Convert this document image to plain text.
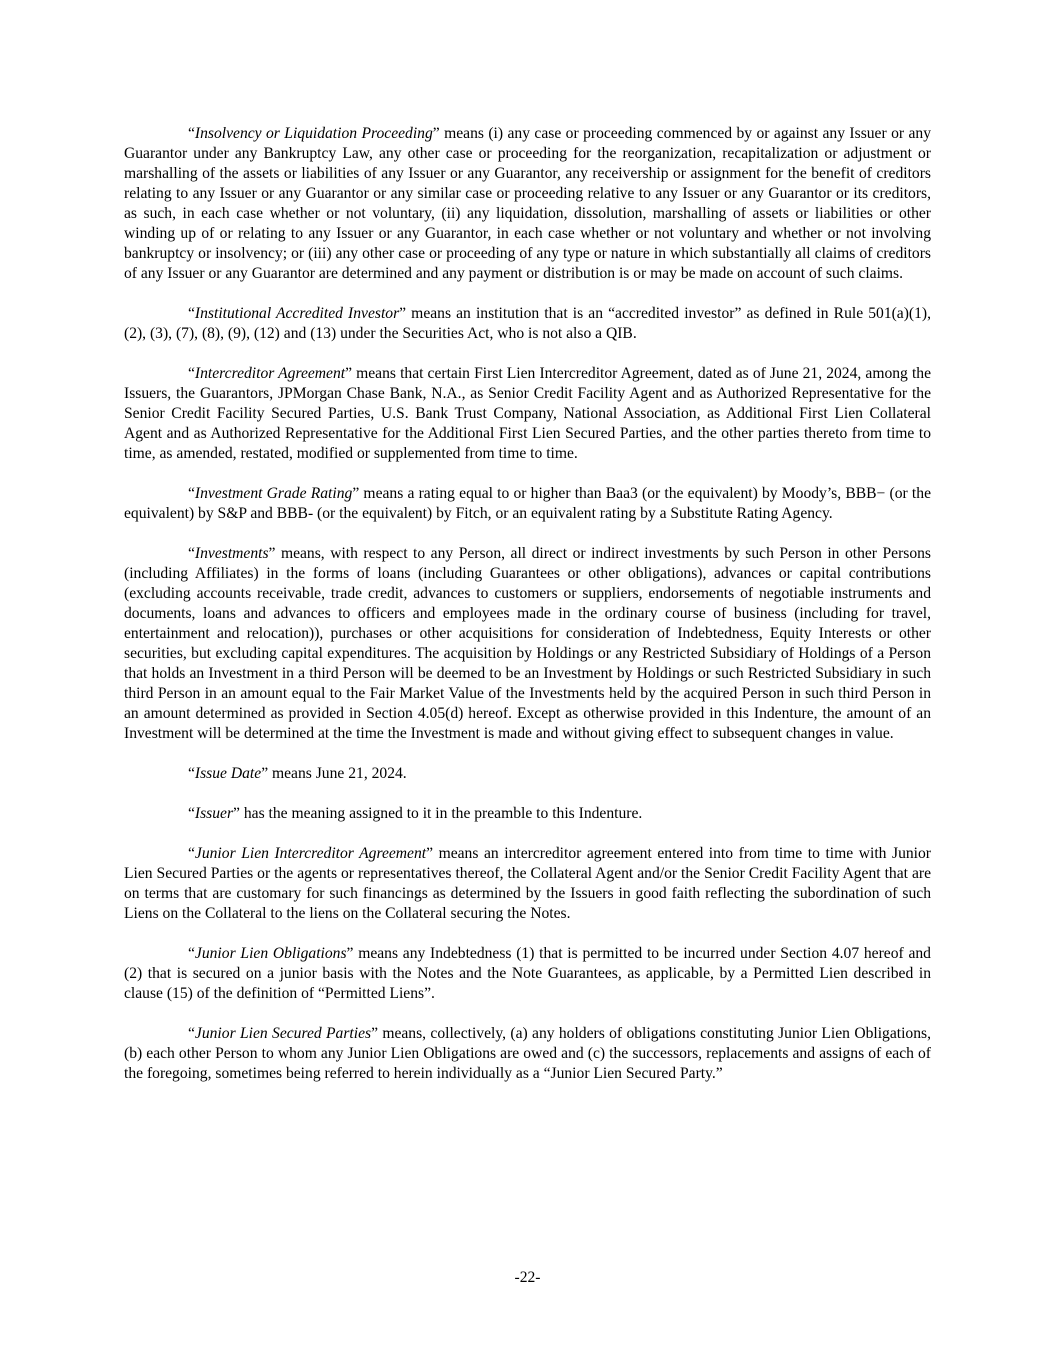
“Insolvency or Liquidation Proceeding” means (i) any case or proceeding commenced by or against any Issuer or any Guarantor under any Bankruptcy Law, any other case or proceeding for the reorganization, recapitalization or adjustment or marshalling of the assets or liabilities of any Issuer or any Guarantor, any receivership or assignment for the benefit of creditors relating to any Issuer or any Guarantor or any similar case or proceeding relative to any Issuer or any Guarantor or its creditors, as such, in each case whether or not voluntary, (ii) any liquidation, dissolution, marshalling of assets or liabilities or other winding up of or relating to any Issuer or any Guarantor, in each case whether or not voluntary and whether or not involving bankruptcy or insolvency; or (iii) any other case or proceeding of any type or nature in which substantially all claims of creditors of any Issuer or any Guarantor are determined and any payment or distribution is or may be made on account of such claims.

“Institutional Accredited Investor” means an institution that is an “accredited investor” as defined in Rule 501(a)(1), (2), (3), (7), (8), (9), (12) and (13) under the Securities Act, who is not also a QIB.

“Intercreditor Agreement” means that certain First Lien Intercreditor Agreement, dated as of June 21, 2024, among the Issuers, the Guarantors, JPMorgan Chase Bank, N.A., as Senior Credit Facility Agent and as Authorized Representative for the Senior Credit Facility Secured Parties, U.S. Bank Trust Company, National Association, as Additional First Lien Collateral Agent and as Authorized Representative for the Additional First Lien Secured Parties, and the other parties thereto from time to time, as amended, restated, modified or supplemented from time to time.

“Investment Grade Rating” means a rating equal to or higher than Baa3 (or the equivalent) by Moody’s, BBB− (or the equivalent) by S&P and BBB- (or the equivalent) by Fitch, or an equivalent rating by a Substitute Rating Agency.

“Investments” means, with respect to any Person, all direct or indirect investments by such Person in other Persons (including Affiliates) in the forms of loans (including Guarantees or other obligations), advances or capital contributions (excluding accounts receivable, trade credit, advances to customers or suppliers, endorsements of negotiable instruments and documents, loans and advances to officers and employees made in the ordinary course of business (including for travel, entertainment and relocation)), purchases or other acquisitions for consideration of Indebtedness, Equity Interests or other securities, but excluding capital expenditures. The acquisition by Holdings or any Restricted Subsidiary of Holdings of a Person that holds an Investment in a third Person will be deemed to be an Investment by Holdings or such Restricted Subsidiary in such third Person in an amount equal to the Fair Market Value of the Investments held by the acquired Person in such third Person in an amount determined as provided in Section 4.05(d) hereof. Except as otherwise provided in this Indenture, the amount of an Investment will be determined at the time the Investment is made and without giving effect to subsequent changes in value.

“Issue Date” means June 21, 2024.

“Issuer” has the meaning assigned to it in the preamble to this Indenture.

“Junior Lien Intercreditor Agreement” means an intercreditor agreement entered into from time to time with Junior Lien Secured Parties or the agents or representatives thereof, the Collateral Agent and/or the Senior Credit Facility Agent that are on terms that are customary for such financings as determined by the Issuers in good faith reflecting the subordination of such Liens on the Collateral to the liens on the Collateral securing the Notes.

“Junior Lien Obligations” means any Indebtedness (1) that is permitted to be incurred under Section 4.07 hereof and (2) that is secured on a junior basis with the Notes and the Note Guarantees, as applicable, by a Permitted Lien described in clause (15) of the definition of “Permitted Liens”.

“Junior Lien Secured Parties” means, collectively, (a) any holders of obligations constituting Junior Lien Obligations, (b) each other Person to whom any Junior Lien Obligations are owed and (c) the successors, replacements and assigns of each of the foregoing, sometimes being referred to herein individually as a “Junior Lien Secured Party.”

-22-
